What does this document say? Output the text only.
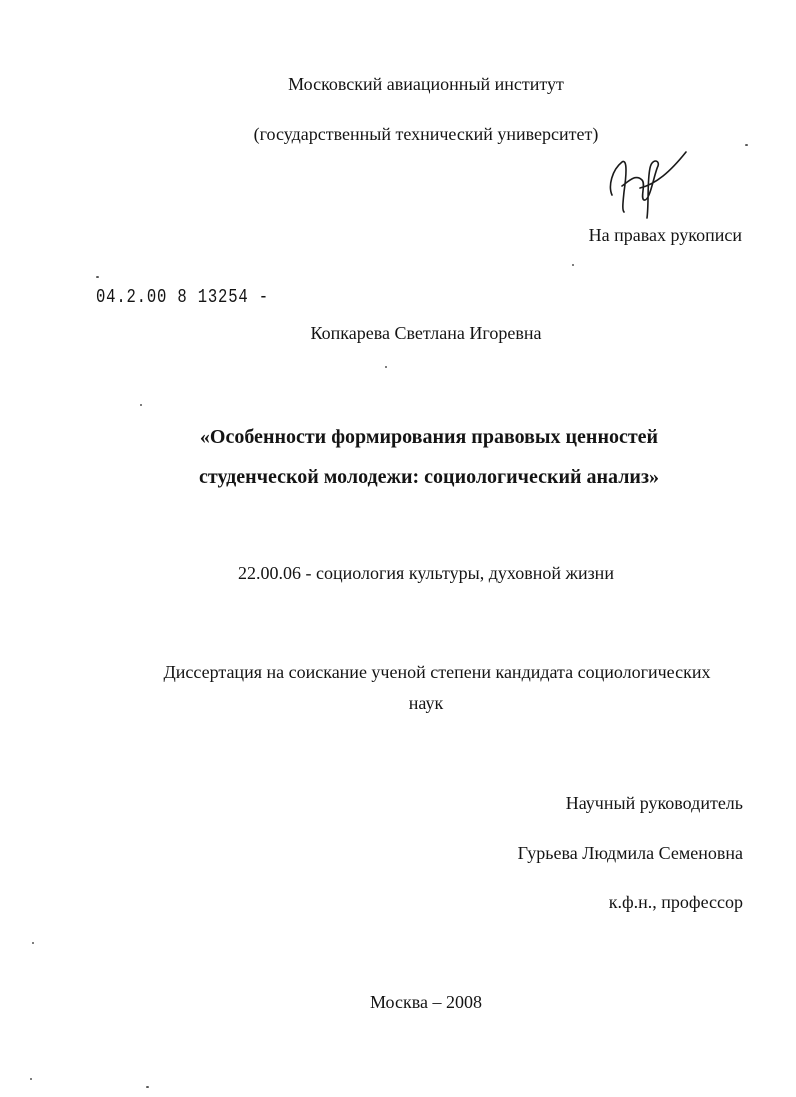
Московский авиационный институт
(государственный технический университет)
На правах рукописи
04.2.00 8 13254 -
Копкарева Светлана Игоревна
«Особенности формирования правовых ценностей
студенческой молодежи: социологический анализ»
22.00.06 - социология культуры, духовной жизни
Диссертация на соискание ученой степени кандидата социологических
наук
Научный руководитель
Гурьева Людмила Семеновна
к.ф.н., профессор
Москва – 2008
